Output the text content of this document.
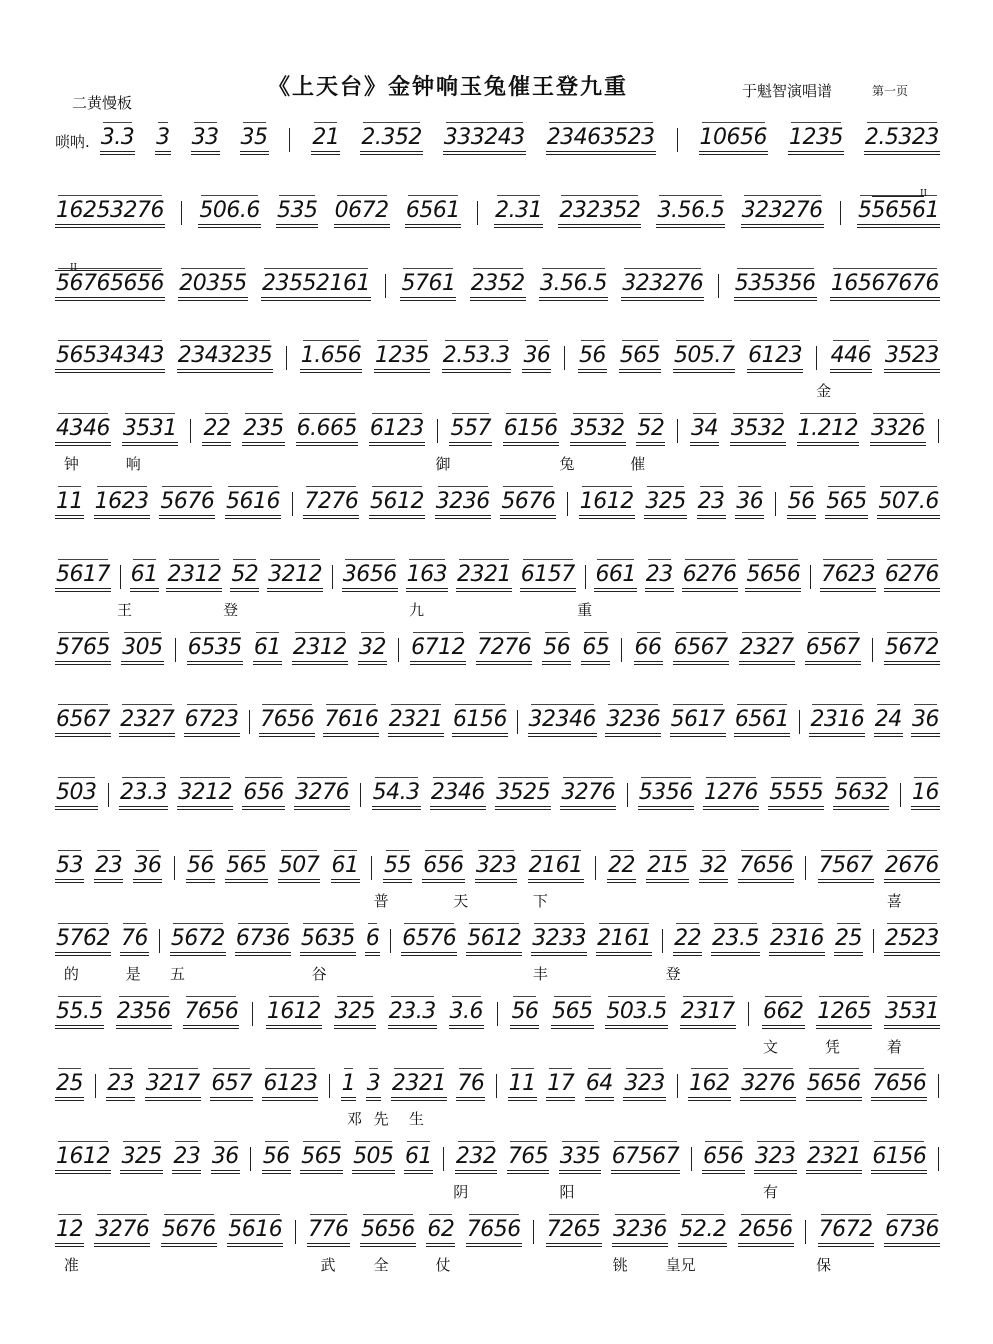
《上天台》金钟响玉兔催王登九重
二黄慢板
于魁智演唱谱	第一页
唢呐. 3.3 3 33 35 21 2.352 333243 23463523 10656 1235 2.5323
16253276 506.6 535 0672 6561 2.31 232352 3.56.5 323276 556561
56765656 20355 23552161 5761 2352 3.56.5 323276 535356 16567676
56534343 2343235 1.656 1235 2.53.3 36 56 565 505.7 6123 446 3523
金
4346 3531 22 235 6.665 6123 557 6156 3532 52 34 3532 1.212 3326
钟	响	御	兔	催
11 1623 5676 5616 7276 5612 3236 5676 1612 325 23 36 56 565 507.6
5617 61 2312 52 3212 3656 163 2321 6157 661 23 6276 5656 7623 6276
王	登	九	重
5765 305 6535 61 2312 32 6712 7276 56 65 66 6567 2327 6567 5672
6567 2327 6723 7656 7616 2321 6156 32346 3236 5617 6561 2316 24 36
503 23.3 3212 656 3276 54.3 2346 3525 3276 5356 1276 5555 5632 16
53 23 36 56 565 507 61 55 656 323 2161 22 215 32 7656 7567 2676
普	天	下	喜
5762 76 5672 6736 5635 6 6576 5612 3233 2161 22 23.5 2316 25 2523
的	是 五	谷	丰	登
55.5 2356 7656 1612 325 23.3 3.6 56 565 503.5 2317 662 1265 3531
文	凭	着
25 23 3217 657 6123 1 3 2321 76 11 17 64 323 162 3276 5656 7656
邓 先 生
1612 325 23 36 56 565 505 61 232 765 335 67567 656 323 2321 6156
阴	阳	有
12 3276 5676 5616 776 5656 62 7656 7265 3236 52.2 2656 7672 6736
准	武	全	仗	铫	皇兄	保
II
II
